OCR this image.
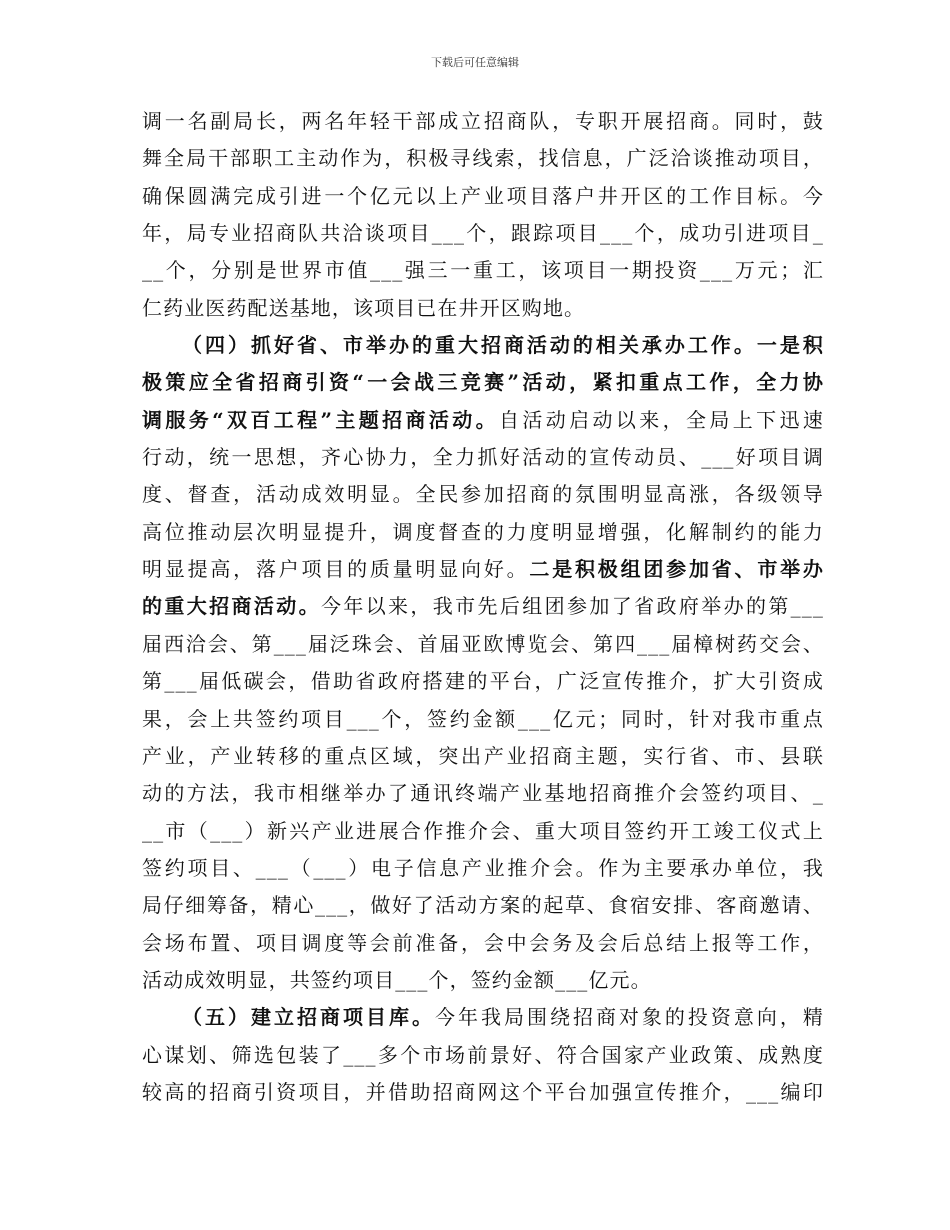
下载后可任意编辑
调一名副局长，两名年轻干部成立招商队，专职开展招商。同时，鼓
舞全局干部职工主动作为，积极寻线索，找信息，广泛洽谈推动项目，
确保圆满完成引进一个亿元以上产业项目落户井开区的工作目标。今
年，局专业招商队共洽谈项目___个，跟踪项目___个，成功引进项目_
__个，分别是世界市值___强三一重工，该项目一期投资___万元；汇
仁药业医药配送基地，该项目已在井开区购地。
（四）抓好省、市举办的重大招商活动的相关承办工作。一是积
极策应全省招商引资“一会战三竞赛”活动，紧扣重点工作，全力协
调服务“双百工程”主题招商活动。自活动启动以来，全局上下迅速
行动，统一思想，齐心协力，全力抓好活动的宣传动员、___好项目调
度、督查，活动成效明显。全民参加招商的氛围明显高涨，各级领导
高位推动层次明显提升，调度督查的力度明显增强，化解制约的能力
明显提高，落户项目的质量明显向好。二是积极组团参加省、市举办
的重大招商活动。今年以来，我市先后组团参加了省政府举办的第___
届西洽会、第___届泛珠会、首届亚欧博览会、第四___届樟树药交会、
第___届低碳会，借助省政府搭建的平台，广泛宣传推介，扩大引资成
果，会上共签约项目___个，签约金额___亿元；同时，针对我市重点
产业，产业转移的重点区域，突出产业招商主题，实行省、市、县联
动的方法，我市相继举办了通讯终端产业基地招商推介会签约项目、_
__市（___）新兴产业进展合作推介会、重大项目签约开工竣工仪式上
签约项目、___（___）电子信息产业推介会。作为主要承办单位，我
局仔细筹备，精心___，做好了活动方案的起草、食宿安排、客商邀请、
会场布置、项目调度等会前准备，会中会务及会后总结上报等工作，
活动成效明显，共签约项目___个，签约金额___亿元。
（五）建立招商项目库。今年我局围绕招商对象的投资意向，精
心谋划、筛选包装了___多个市场前景好、符合国家产业政策、成熟度
较高的招商引资项目，并借助招商网这个平台加强宣传推介，___编印
